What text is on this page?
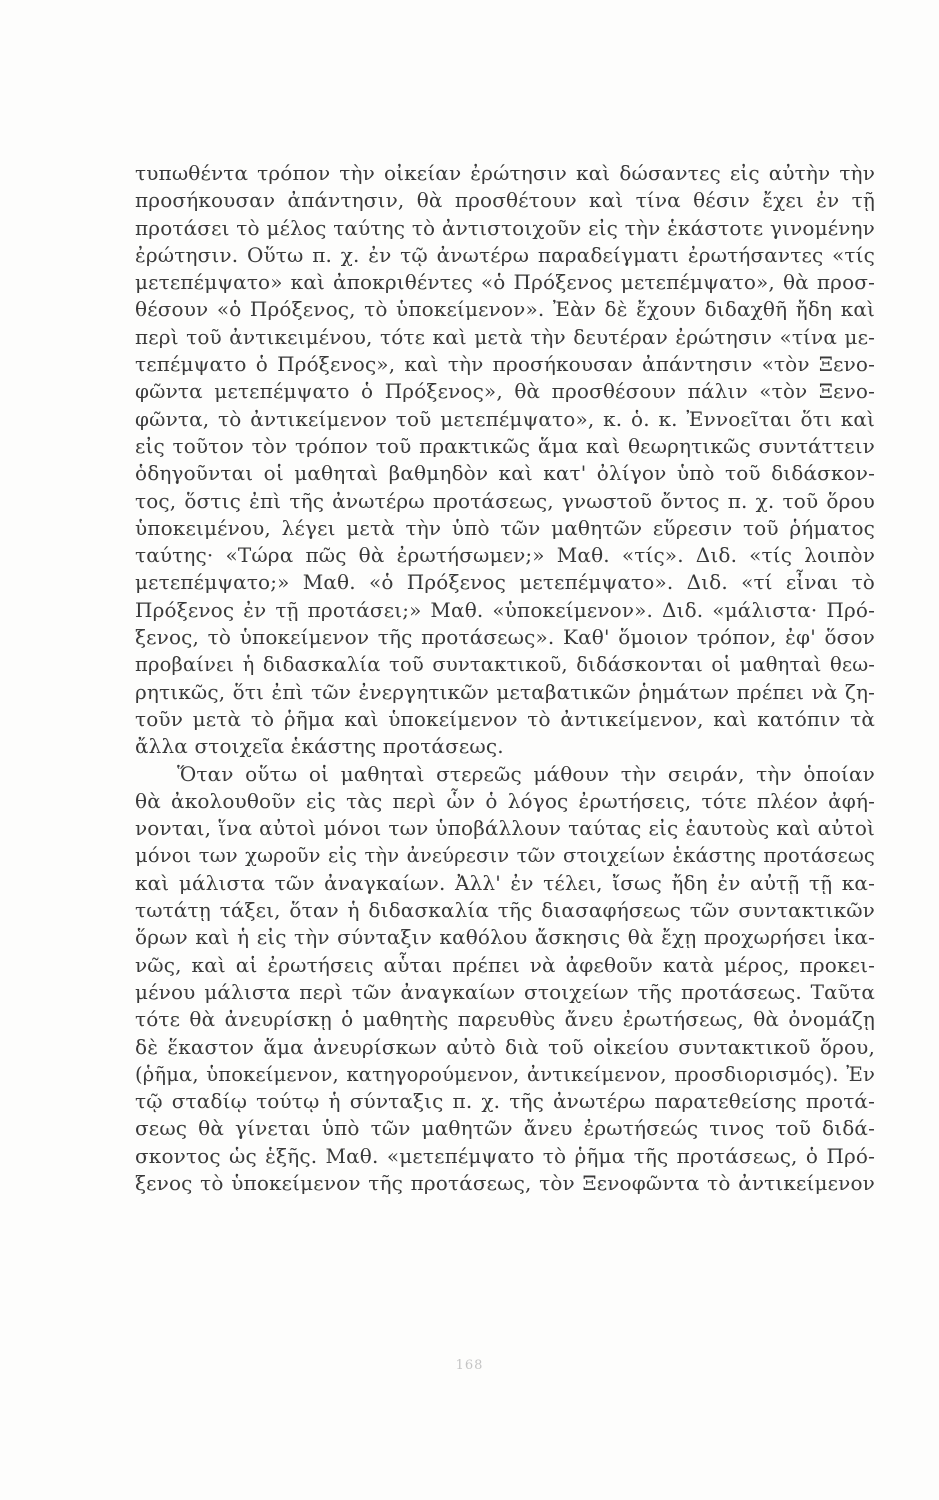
τυπωθέντα τρόπον τὴν οἰκείαν ἐρώτησιν καὶ δώσαντες εἰς αὐτὴν τὴν
προσήκουσαν ἀπάντησιν, θὰ προσθέτουν καὶ τίνα θέσιν ἔχει ἐν τῇ
προτάσει τὸ μέλος ταύτης τὸ ἀντιστοιχοῦν εἰς τὴν ἑκάστοτε γινομένην
ἐρώτησιν. Οὕτω π. χ. ἐν τῷ ἀνωτέρω παραδείγματι ἐρωτήσαντες «τίς
μετεπέμψατο» καὶ ἀποκριθέντες «ὁ Πρόξενος μετεπέμψατο», θὰ προσ-
θέσουν «ὁ Πρόξενος, τὸ ὑποκείμενον». Ἐὰν δὲ ἔχουν διδαχθῆ ἤδη καὶ
περὶ τοῦ ἀντικειμένου, τότε καὶ μετὰ τὴν δευτέραν ἐρώτησιν «τίνα με-
τεπέμψατο ὁ Πρόξενος», καὶ τὴν προσήκουσαν ἀπάντησιν «τὸν Ξενο-
φῶντα μετεπέμψατο ὁ Πρόξενος», θὰ προσθέσουν πάλιν «τὸν Ξενο-
φῶντα, τὸ ἀντικείμενον τοῦ μετεπέμψατο», κ. ὁ. κ. Ἐννοεῖται ὅτι καὶ
εἰς τοῦτον τὸν τρόπον τοῦ πρακτικῶς ἅμα καὶ θεωρητικῶς συντάττειν
ὁδηγοῦνται οἱ μαθηταὶ βαθμηδὸν καὶ κατ' ὀλίγον ὑπὸ τοῦ διδάσκον-
τος, ὅστις ἐπὶ τῆς ἀνωτέρω προτάσεως, γνωστοῦ ὄντος π. χ. τοῦ ὅρου
ὑποκειμένου, λέγει μετὰ τὴν ὑπὸ τῶν μαθητῶν εὕρεσιν τοῦ ῥήματος
ταύτης· «Τώρα πῶς θὰ ἐρωτήσωμεν;» Μαθ. «τίς». Διδ. «τίς λοιπὸν
μετεπέμψατο;» Μαθ. «ὁ Πρόξενος μετεπέμψατο». Διδ. «τί εἶναι τὸ
Πρόξενος ἐν τῇ προτάσει;» Μαθ. «ὑποκείμενον». Διδ. «μάλιστα· Πρό-
ξενος, τὸ ὑποκείμενον τῆς προτάσεως». Καθ' ὅμοιον τρόπον, ἐφ' ὅσον
προβαίνει ἡ διδασκαλία τοῦ συντακτικοῦ, διδάσκονται οἱ μαθηταὶ θεω-
ρητικῶς, ὅτι ἐπὶ τῶν ἐνεργητικῶν μεταβατικῶν ῥημάτων πρέπει νὰ ζη-
τοῦν μετὰ τὸ ῥῆμα καὶ ὑποκείμενον τὸ ἀντικείμενον, καὶ κατόπιν τὰ
ἄλλα στοιχεῖα ἑκάστης προτάσεως.
Ὅταν οὕτω οἱ μαθηταὶ στερεῶς μάθουν τὴν σειράν, τὴν ὁποίαν
θὰ ἀκολουθοῦν εἰς τὰς περὶ ὧν ὁ λόγος ἐρωτήσεις, τότε πλέον ἀφή-
νονται, ἵνα αὐτοὶ μόνοι των ὑποβάλλουν ταύτας εἰς ἑαυτοὺς καὶ αὐτοὶ
μόνοι των χωροῦν εἰς τὴν ἀνεύρεσιν τῶν στοιχείων ἑκάστης προτάσεως
καὶ μάλιστα τῶν ἀναγκαίων. Ἀλλ' ἐν τέλει, ἴσως ἤδη ἐν αὐτῇ τῇ κα-
τωτάτῃ τάξει, ὅταν ἡ διδασκαλία τῆς διασαφήσεως τῶν συντακτικῶν
ὅρων καὶ ἡ εἰς τὴν σύνταξιν καθόλου ἄσκησις θὰ ἔχῃ προχωρήσει ἱκα-
νῶς, καὶ αἱ ἐρωτήσεις αὗται πρέπει νὰ ἀφεθοῦν κατὰ μέρος, προκει-
μένου μάλιστα περὶ τῶν ἀναγκαίων στοιχείων τῆς προτάσεως. Ταῦτα
τότε θὰ ἀνευρίσκῃ ὁ μαθητὴς παρευθὺς ἄνευ ἐρωτήσεως, θὰ ὀνομάζῃ
δὲ ἕκαστον ἅμα ἀνευρίσκων αὐτὸ διὰ τοῦ οἰκείου συντακτικοῦ ὅρου,
(ῥῆμα, ὑποκείμενον, κατηγορούμενον, ἀντικείμενον, προσδιορισμός). Ἐν
τῷ σταδίῳ τούτῳ ἡ σύνταξις π. χ. τῆς ἀνωτέρω παρατεθείσης προτά-
σεως θὰ γίνεται ὑπὸ τῶν μαθητῶν ἄνευ ἐρωτήσεώς τινος τοῦ διδά-
σκοντος ὡς ἑξῆς. Μαθ. «μετεπέμψατο τὸ ῥῆμα τῆς προτάσεως, ὁ Πρό-
ξενος τὸ ὑποκείμενον τῆς προτάσεως, τὸν Ξενοφῶντα τὸ ἀντικείμενον
168
